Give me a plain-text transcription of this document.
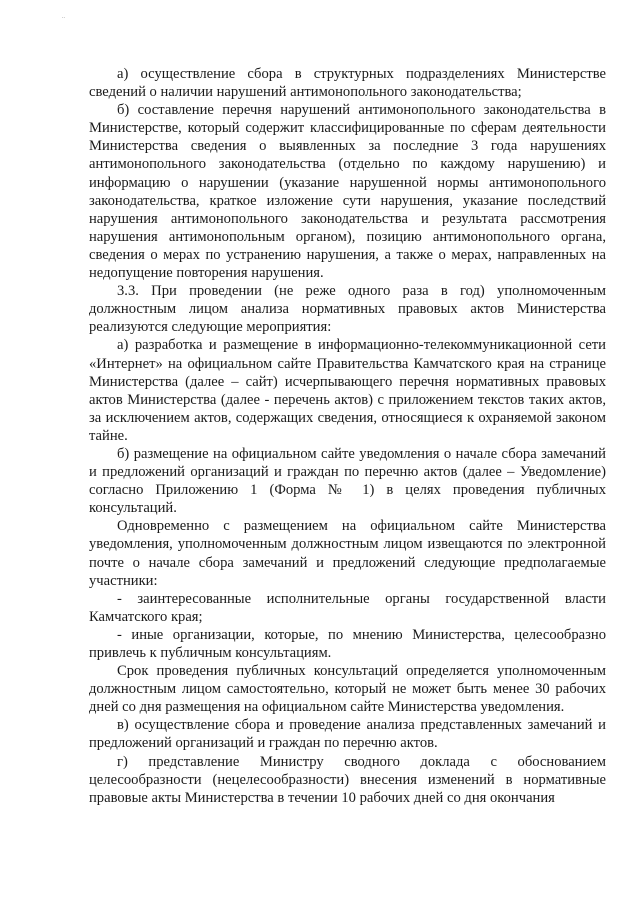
..

а) осуществление сбора в структурных подразделениях Министерстве сведений о наличии нарушений антимонопольного законодательства;

б) составление перечня нарушений антимонопольного законодательства в Министерстве, который содержит классифицированные по сферам деятельности Министерства сведения о выявленных за последние 3 года нарушениях антимонопольного законодательства (отдельно по каждому нарушению) и информацию о нарушении (указание нарушенной нормы антимонопольного законодательства, краткое изложение сути нарушения, указание последствий нарушения антимонопольного законодательства и результата рассмотрения нарушения антимонопольным органом), позицию антимонопольного органа, сведения о мерах по устранению нарушения, а также о мерах, направленных на недопущение повторения нарушения.

3.3. При проведении (не реже одного раза в год) уполномоченным должностным лицом анализа нормативных правовых актов Министерства реализуются следующие мероприятия:

а) разработка и размещение в информационно-телекоммуникационной сети «Интернет» на официальном сайте Правительства Камчатского края на странице Министерства (далее – сайт) исчерпывающего перечня нормативных правовых актов Министерства (далее - перечень актов) с приложением текстов таких актов, за исключением актов, содержащих сведения, относящиеся к охраняемой законом тайне.

б) размещение на официальном сайте уведомления о начале сбора замечаний и предложений организаций и граждан по перечню актов (далее – Уведомление) согласно Приложению 1 (Форма № 1) в целях проведения публичных консультаций.

Одновременно с размещением на официальном сайте Министерства уведомления, уполномоченным должностным лицом извещаются по электронной почте о начале сбора замечаний и предложений следующие предполагаемые участники:

- заинтересованные исполнительные органы государственной власти Камчатского края;

- иные организации, которые, по мнению Министерства, целесообразно привлечь к публичным консультациям.

Срок проведения публичных консультаций определяется уполномоченным должностным лицом самостоятельно, который не может быть менее 30 рабочих дней со дня размещения на официальном сайте Министерства уведомления.

в) осуществление сбора и проведение анализа представленных замечаний и предложений организаций и граждан по перечню актов.

г) представление Министру сводного доклада с обоснованием целесообразности (нецелесообразности) внесения изменений в нормативные правовые акты Министерства в течении 10 рабочих дней со дня окончания
